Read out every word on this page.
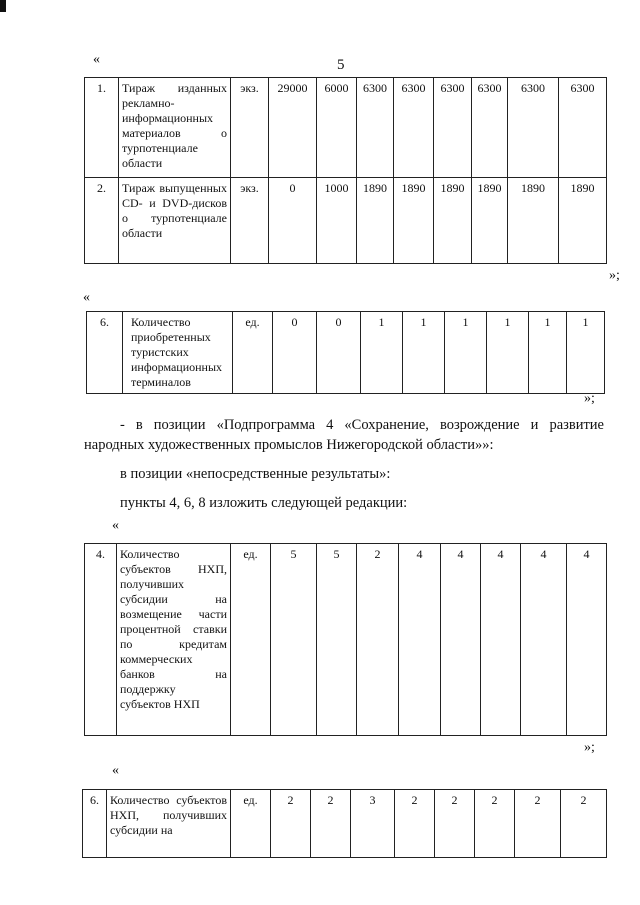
«	5
1.	Тираж изданных рекламно-информационных материалов о турпотенциале области	экз.	29000	6000	6300	6300	6300	6300	6300	6300
2.	Тираж выпущенных CD- и DVD-дисков о турпотенциале области	экз.	0	1000	1890	1890	1890	1890	1890	1890
»;
«
6.	Количество приобретенных туристских информационных терминалов	ед.	0	0	1	1	1	1	1	1
»;
- в позиции «Подпрограмма 4 «Сохранение, возрождение и развитие народных художественных промыслов Нижегородской области»»:
в позиции «непосредственные результаты»:
пункты 4, 6, 8 изложить следующей редакции:
«
4.	Количество субъектов НХП, получивших субсидии на возмещение части процентной ставки по кредитам коммерческих банков на поддержку субъектов НХП	ед.	5	5	2	4	4	4	4	4
»;
«
6.	Количество субъектов НХП, получивших субсидии на	ед.	2	2	3	2	2	2	2	2
